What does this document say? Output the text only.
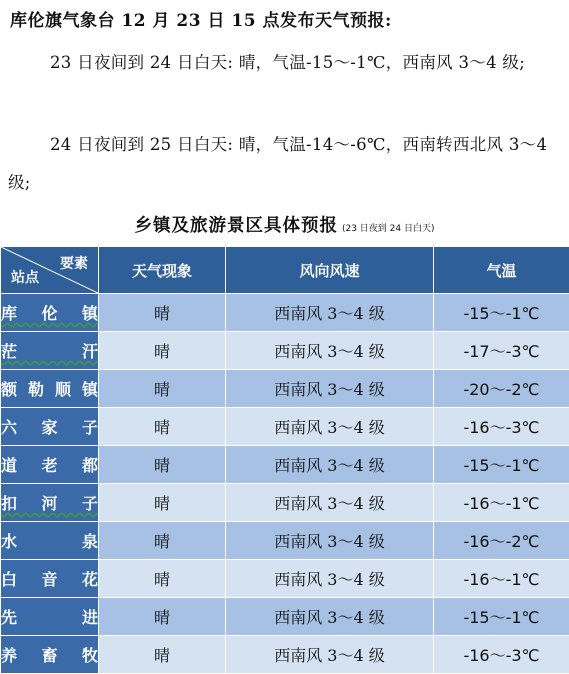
库伦旗气象台 12 月 23 日 15 点发布天气预报:

23 日夜间到 24 日白天: 晴，气温-15～-1℃，西南风 3～4 级;

24 日夜间到 25 日白天: 晴，气温-14～-6℃，西南转西北风 3～4 级;

乡镇及旅游景区具体预报 (23 日夜到 24 日白天)
要素
站点	天气现象	风向风速	气温
库伦镇	晴	西南风 3～4 级	-15～-1℃
茫汗	晴	西南风 3～4 级	-17～-3℃
额勒顺镇	晴	西南风 3～4 级	-20～-2℃
六家子	晴	西南风 3～4 级	-16～-3℃
道老都	晴	西南风 3～4 级	-15～-1℃
扣河子	晴	西南风 3～4 级	-16～-1℃
水泉	晴	西南风 3～4 级	-16～-2℃
白音花	晴	西南风 3～4 级	-16～-1℃
先进	晴	西南风 3～4 级	-15～-1℃
养畜牧	晴	西南风 3～4 级	-16～-3℃
